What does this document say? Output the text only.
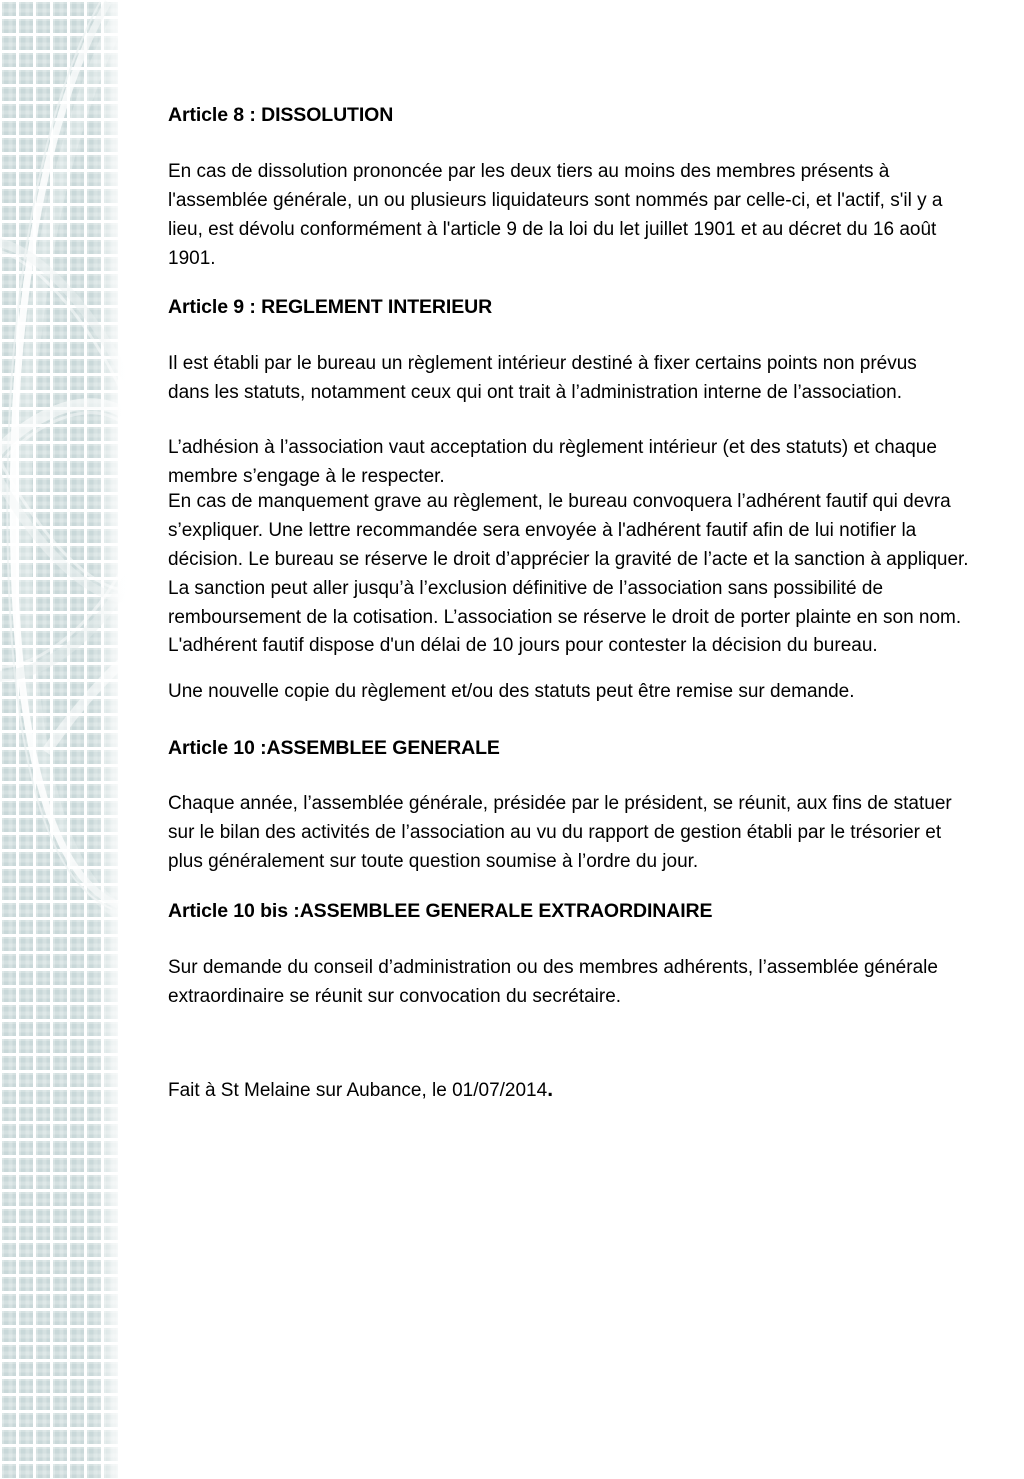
Article 8 : DISSOLUTION

En cas de dissolution prononcée par les deux tiers au moins des membres présents à l'assemblée générale, un ou plusieurs liquidateurs sont nommés par celle-ci, et l'actif, s'il y a lieu, est dévolu conformément à l'article 9 de la loi du let juillet 1901 et au décret du 16 août 1901.

Article 9 : REGLEMENT INTERIEUR

Il est établi par le bureau un règlement intérieur destiné à fixer certains points non prévus dans les statuts, notamment ceux qui ont trait à l’administration interne de l’association.

L’adhésion à l’association vaut acceptation du règlement intérieur (et des statuts) et chaque membre s’engage à le respecter.

En cas de manquement grave au règlement, le bureau convoquera l’adhérent fautif qui devra s’expliquer. Une lettre recommandée sera envoyée à l'adhérent fautif afin de lui notifier la décision. Le bureau se réserve le droit d’apprécier la gravité de l’acte et la sanction à appliquer. La sanction peut aller jusqu’à l’exclusion définitive de l’association sans possibilité de remboursement de la cotisation. L’association se réserve le droit de porter plainte en son nom. L'adhérent fautif dispose d'un délai de 10 jours pour contester la décision du bureau.

Une nouvelle copie du règlement et/ou des statuts peut être remise sur demande.

Article 10 :ASSEMBLEE GENERALE

Chaque année, l’assemblée générale, présidée par le président, se réunit, aux fins de statuer sur le bilan des activités de l’association au vu du rapport de gestion établi par le trésorier et plus généralement sur toute question soumise à l’ordre du jour.

Article 10 bis :ASSEMBLEE GENERALE EXTRAORDINAIRE

Sur demande du conseil d’administration ou des membres adhérents, l’assemblée générale extraordinaire se réunit sur convocation du secrétaire.

Fait à St Melaine sur Aubance, le 01/07/2014.
